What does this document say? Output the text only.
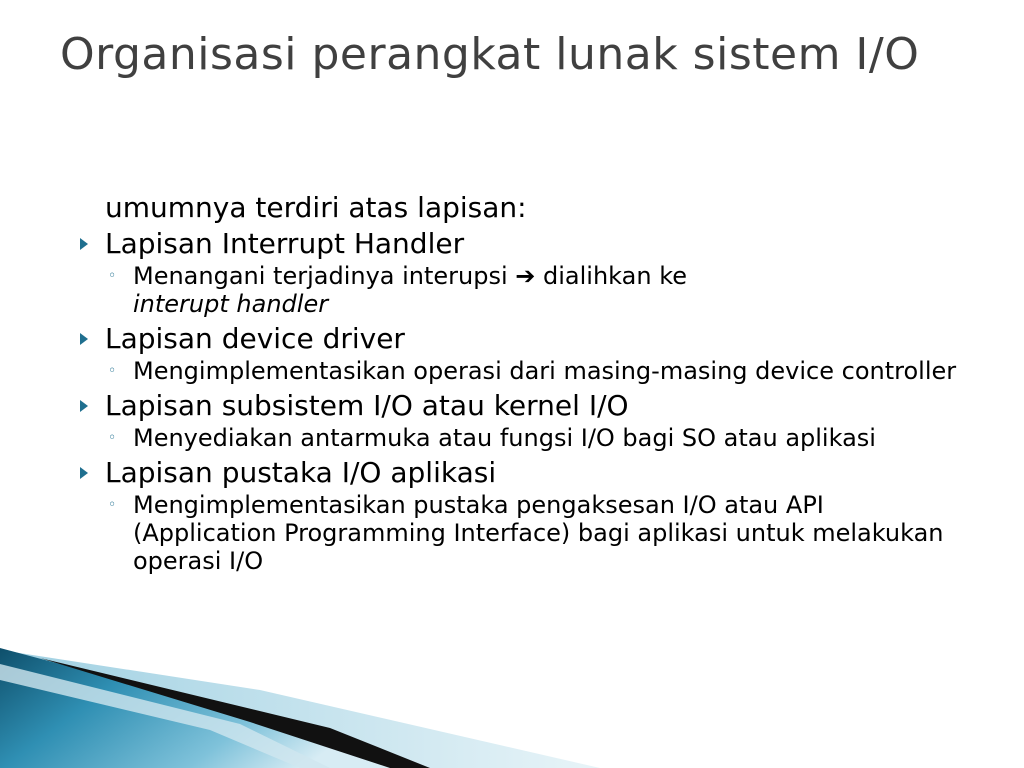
Organisasi perangkat lunak sistem I/O
umumnya terdiri atas lapisan:
Lapisan Interrupt Handler
◦ Menangani terjadinya interupsi ➔ dialihkan ke
interupt handler
Lapisan device driver
◦ Mengimplementasikan operasi dari masing-masing device controller
Lapisan subsistem I/O atau kernel I/O
◦ Menyediakan antarmuka atau fungsi I/O bagi SO atau aplikasi
Lapisan pustaka I/O aplikasi
◦ Mengimplementasikan pustaka pengaksesan I/O atau API (Application Programming Interface) bagi aplikasi untuk melakukan operasi I/O
